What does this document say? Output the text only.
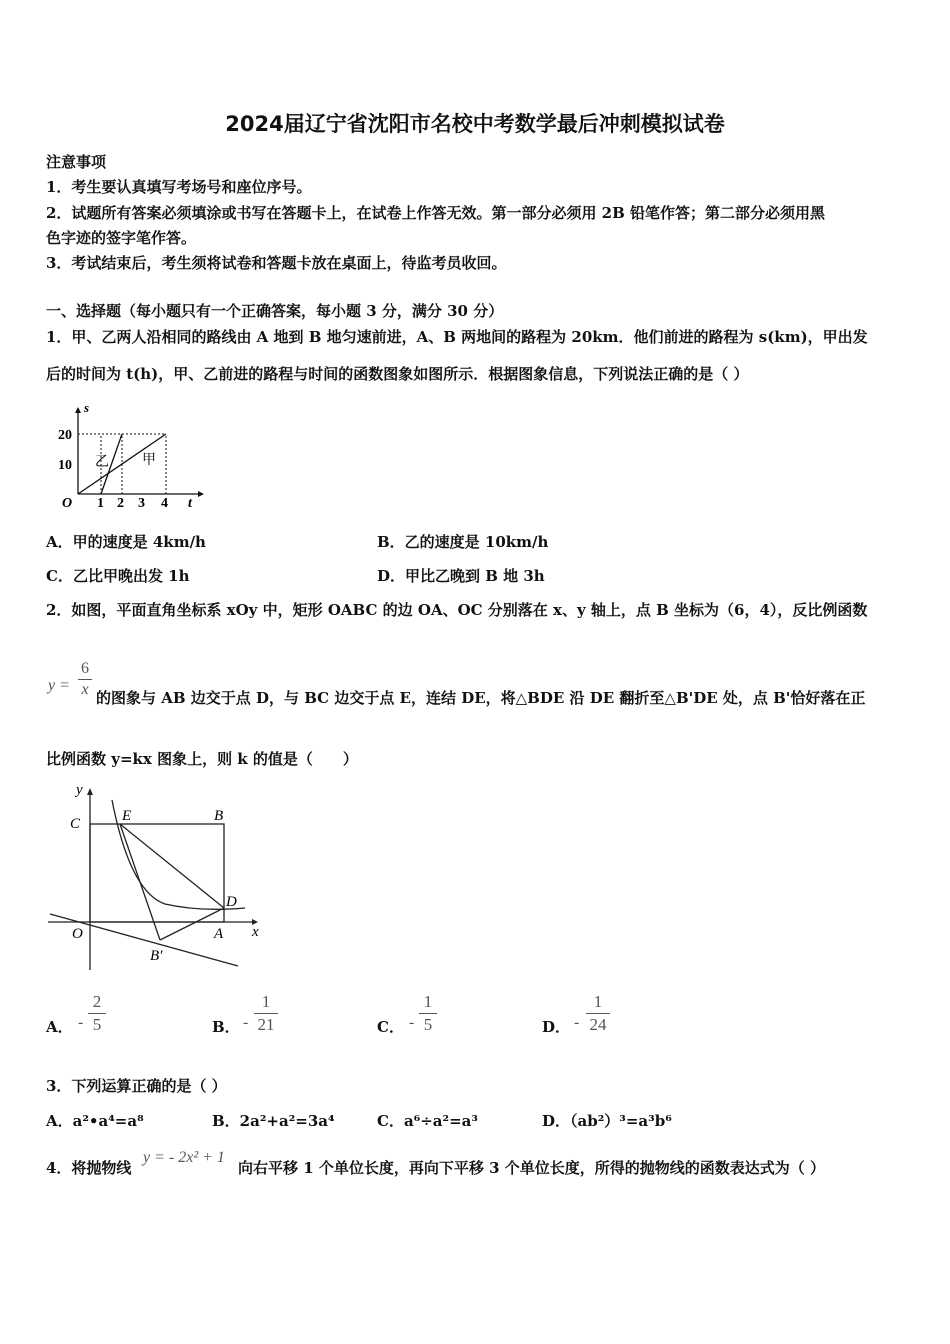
2024届辽宁省沈阳市名校中考数学最后冲刺模拟试卷
注意事项
1．考生要认真填写考场号和座位序号。
2．试题所有答案必须填涂或书写在答题卡上，在试卷上作答无效。第一部分必须用 2B 铅笔作答；第二部分必须用黑
色字迹的签字笔作答。
3．考试结束后，考生须将试卷和答题卡放在桌面上，待监考员收回。
一、选择题（每小题只有一个正确答案，每小题 3 分，满分 30 分）
1．甲、乙两人沿相同的路线由 A 地到 B 地匀速前进，A、B 两地间的路程为 20km．他们前进的路程为 s(km)，甲出发
后的时间为 t(h)，甲、乙前进的路程与时间的函数图象如图所示．根据图象信息，下列说法正确的是（ ）
s
20
10
O 1 2 3 4 t
乙 甲
A．甲的速度是 4km/h	B．乙的速度是 10km/h
C．乙比甲晚出发 1h	D．甲比乙晚到 B 地 3h
2．如图，平面直角坐标系 xOy 中，矩形 OABC 的边 OA、OC 分别落在 x、y 轴上，点 B 坐标为（6，4），反比例函数
y =
6
x 的图象与 AB 边交于点 D，与 BC 边交于点 E，连结 DE，将△BDE 沿 DE 翻折至△B'DE 处，点 B'恰好落在正
比例函数 y=kx 图象上，则 k 的值是（　　）
y
x
C	E	B
D
O	A
B′
A． -
2
5	B． -
1
21	C． -
1
5	D． -
1
24
3．下列运算正确的是（ ）
A．a²•a⁴=a⁸	B．2a²+a²=3a⁴	C．a⁶÷a²=a³	D．（ab²）³=a³b⁶
4．将抛物线
y = - 2x² + 1
向右平移 1 个单位长度，再向下平移 3 个单位长度，所得的抛物线的函数表达式为（ ）
